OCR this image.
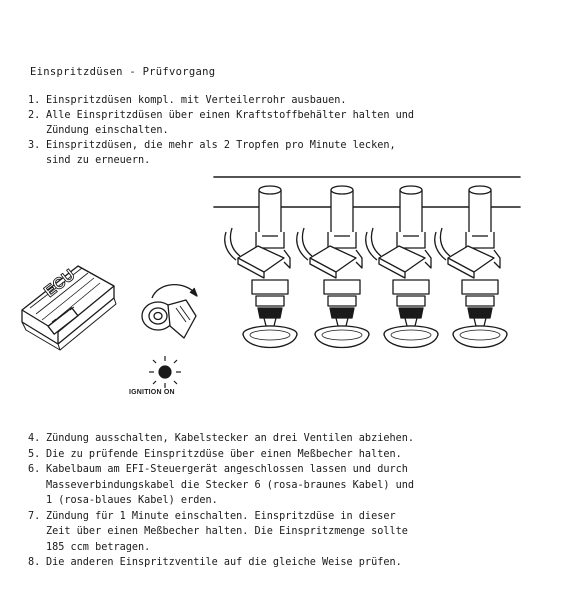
Einspritzdüsen - Prüfvorgang
1. Einspritzdüsen kompl. mit Verteilerrohr ausbauen.
2. Alle Einspritzdüsen über einen Kraftstoffbehälter halten und
Zündung einschalten.
3. Einspritzdüsen, die mehr als 2 Tropfen pro Minute lecken,
sind zu erneuern.
ECU
IGNITION ON
4. Zündung ausschalten, Kabelstecker an drei Ventilen abziehen.
5. Die zu prüfende Einspritzdüse über einen Meßbecher halten.
6. Kabelbaum am EFI-Steuergerät angeschlossen lassen und durch
Masseverbindungskabel die Stecker 6 (rosa-braunes Kabel) und
1 (rosa-blaues Kabel) erden.
7. Zündung für 1 Minute einschalten. Einspritzdüse in dieser
Zeit über einen Meßbecher halten. Die Einspritzmenge sollte
185 ccm betragen.
8. Die anderen Einspritzventile auf die gleiche Weise prüfen.
